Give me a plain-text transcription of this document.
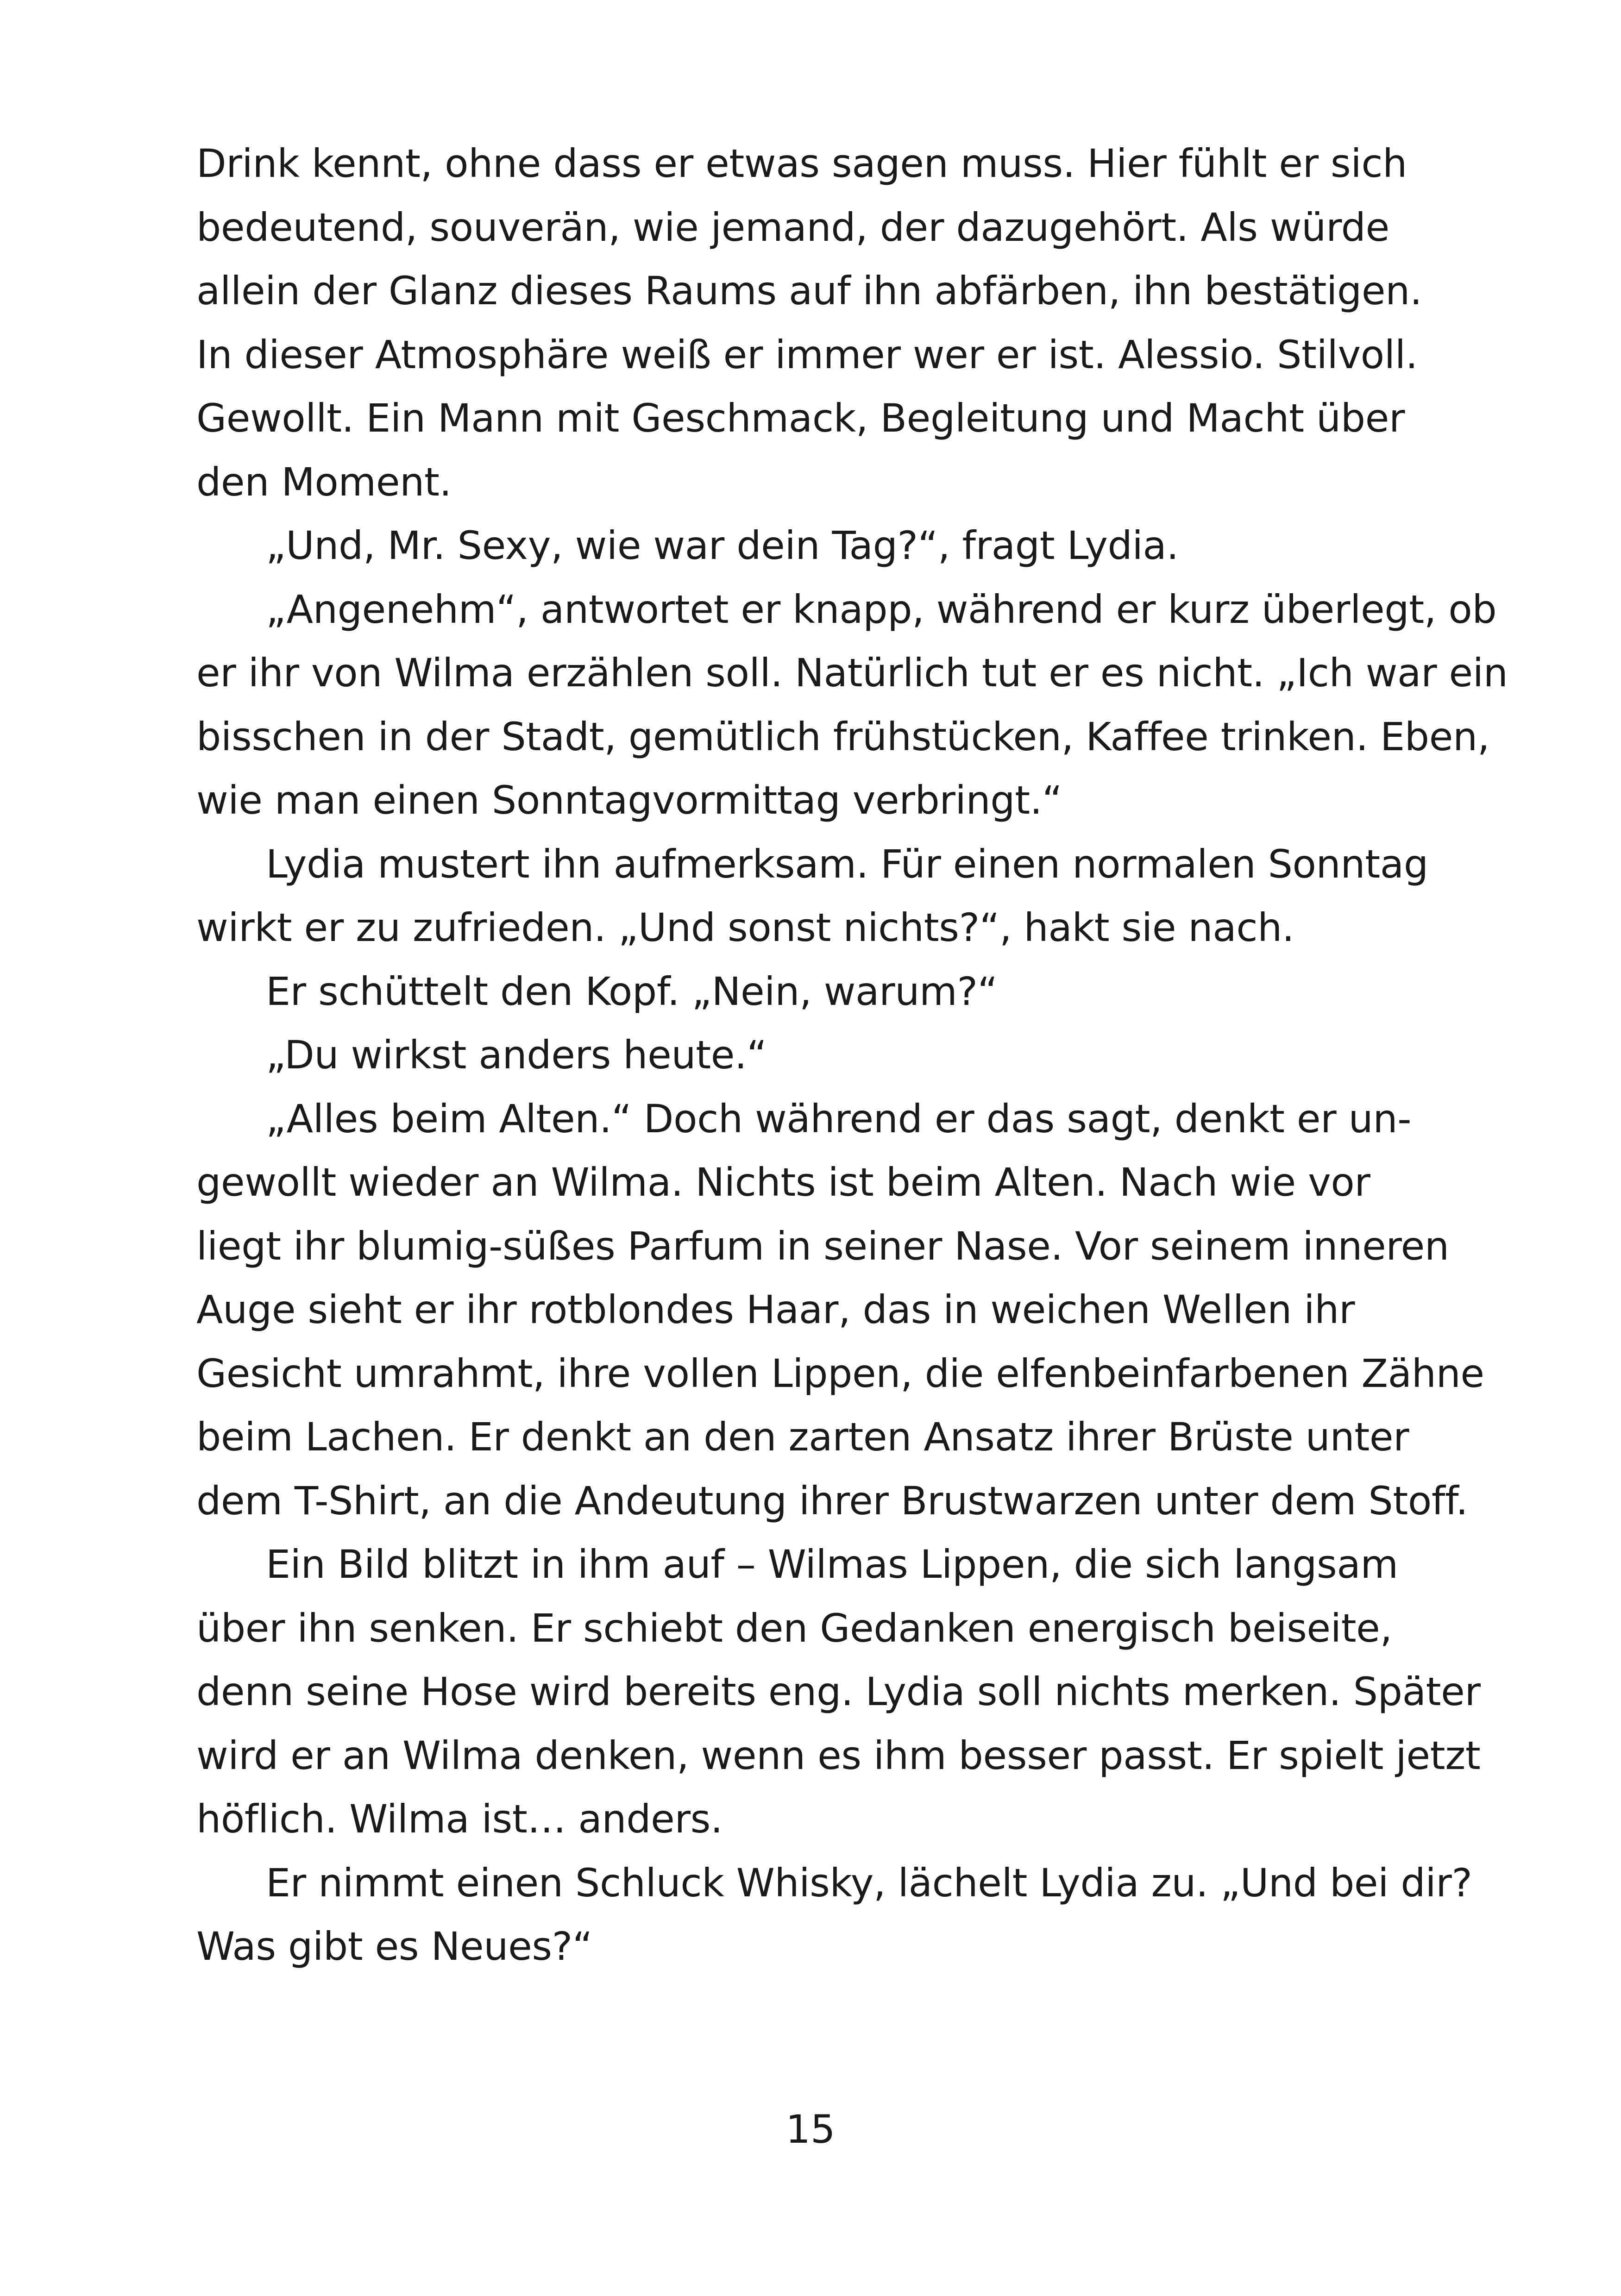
Drink kennt, ohne dass er etwas sagen muss. Hier fühlt er sich
bedeutend, souverän, wie jemand, der dazugehört. Als würde
allein der Glanz dieses Raums auf ihn abfärben, ihn bestätigen.
In dieser Atmosphäre weiß er immer wer er ist. Alessio. Stilvoll.
Gewollt. Ein Mann mit Geschmack, Begleitung und Macht über
den Moment.
„Und, Mr. Sexy, wie war dein Tag?“, fragt Lydia.
„Angenehm“, antwortet er knapp, während er kurz überlegt, ob
er ihr von Wilma erzählen soll. Natürlich tut er es nicht. „Ich war ein
bisschen in der Stadt, gemütlich frühstücken, Kaffee trinken. Eben,
wie man einen Sonntagvormittag verbringt.“
Lydia mustert ihn aufmerksam. Für einen normalen Sonntag
wirkt er zu zufrieden. „Und sonst nichts?“, hakt sie nach.
Er schüttelt den Kopf. „Nein, warum?“
„Du wirkst anders heute.“
„Alles beim Alten.“ Doch während er das sagt, denkt er un-
gewollt wieder an Wilma. Nichts ist beim Alten. Nach wie vor
liegt ihr blumig-süßes Parfum in seiner Nase. Vor seinem inneren
Auge sieht er ihr rotblondes Haar, das in weichen Wellen ihr
Gesicht umrahmt, ihre vollen Lippen, die elfenbeinfarbenen Zähne
beim Lachen. Er denkt an den zarten Ansatz ihrer Brüste unter
dem T-Shirt, an die Andeutung ihrer Brustwarzen unter dem Stoff.
Ein Bild blitzt in ihm auf – Wilmas Lippen, die sich langsam
über ihn senken. Er schiebt den Gedanken energisch beiseite,
denn seine Hose wird bereits eng. Lydia soll nichts merken. Später
wird er an Wilma denken, wenn es ihm besser passt. Er spielt jetzt
höflich. Wilma ist… anders.
Er nimmt einen Schluck Whisky, lächelt Lydia zu. „Und bei dir?
Was gibt es Neues?“
15
